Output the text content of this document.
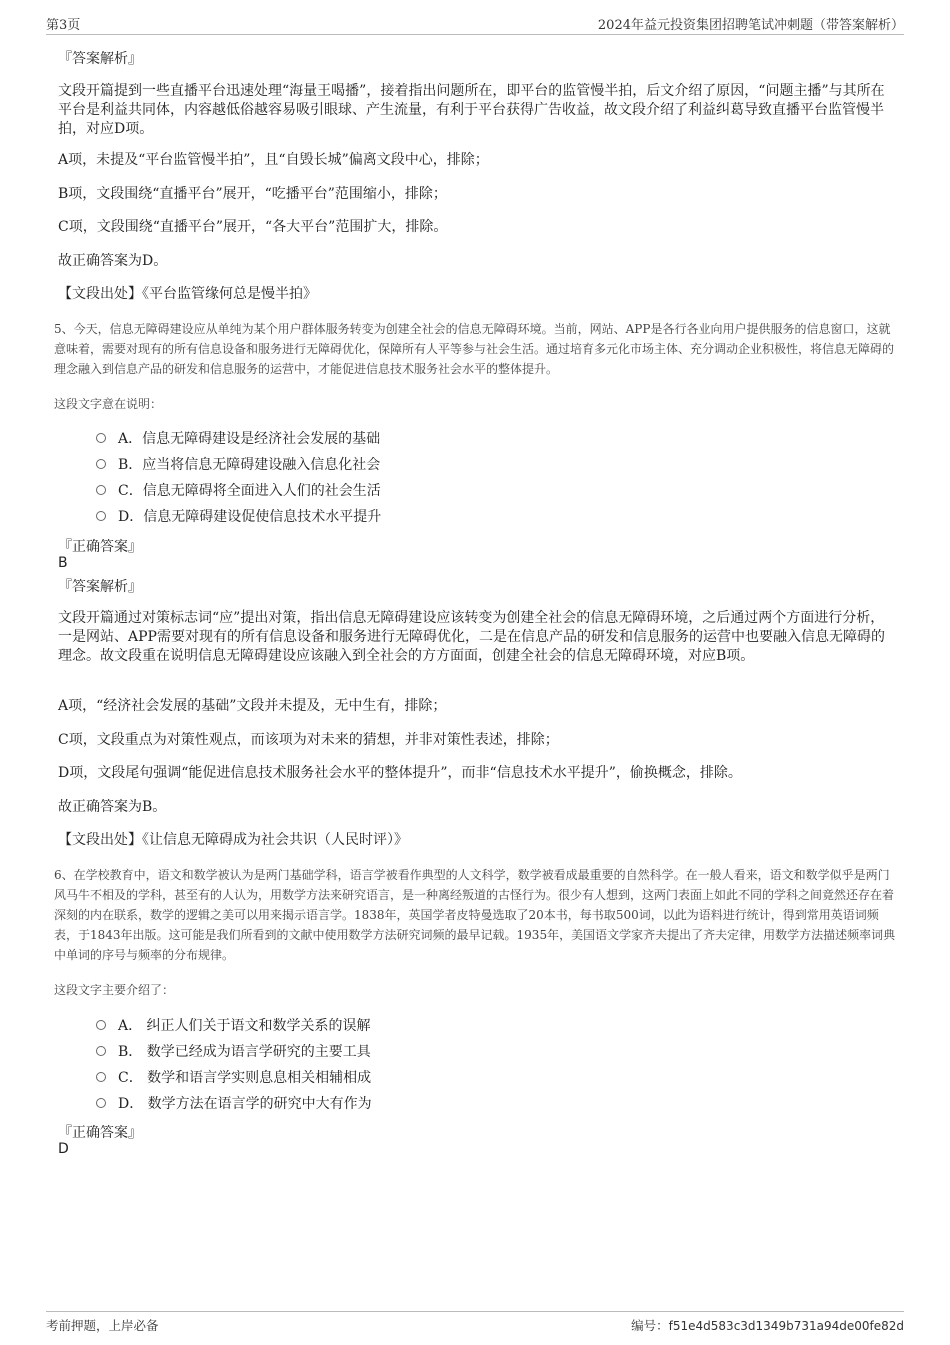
第3页	2024年益元投资集团招聘笔试冲刺题（带答案解析）
『答案解析』
文段开篇提到一些直播平台迅速处理“海量王喝播”，接着指出问题所在，即平台的监管慢半拍，后文介绍了原因，“问题主播”与其所在平台是利益共同体，内容越低俗越容易吸引眼球、产生流量，有利于平台获得广告收益，故文段介绍了利益纠葛导致直播平台监管慢半拍，对应D项。
A项，未提及“平台监管慢半拍”，且“自毁长城”偏离文段中心，排除；
B项，文段围绕“直播平台”展开，“吃播平台”范围缩小，排除；
C项，文段围绕“直播平台”展开，“各大平台”范围扩大，排除。
故正确答案为D。
【文段出处】《平台监管缘何总是慢半拍》
5、今天，信息无障碍建设应从单纯为某个用户群体服务转变为创建全社会的信息无障碍环境。当前，网站、APP是各行各业向用户提供服务的信息窗口，这就意味着，需要对现有的所有信息设备和服务进行无障碍优化，保障所有人平等参与社会生活。通过培育多元化市场主体、充分调动企业积极性，将信息无障碍的理念融入到信息产品的研发和信息服务的运营中，才能促进信息技术服务社会水平的整体提升。
这段文字意在说明：
A．信息无障碍建设是经济社会发展的基础
B．应当将信息无障碍建设融入信息化社会
C．信息无障碍将全面进入人们的社会生活
D．信息无障碍建设促使信息技术水平提升
『正确答案』
B
『答案解析』
文段开篇通过对策标志词“应”提出对策，指出信息无障碍建设应该转变为创建全社会的信息无障碍环境，之后通过两个方面进行分析，一是网站、APP需要对现有的所有信息设备和服务进行无障碍优化，二是在信息产品的研发和信息服务的运营中也要融入信息无障碍的理念。故文段重在说明信息无障碍建设应该融入到全社会的方方面面，创建全社会的信息无障碍环境，对应B项。
A项，“经济社会发展的基础”文段并未提及，无中生有，排除；
C项，文段重点为对策性观点，而该项为对未来的猜想，并非对策性表述，排除；
D项，文段尾句强调“能促进信息技术服务社会水平的整体提升”，而非“信息技术水平提升”，偷换概念，排除。
故正确答案为B。
【文段出处】《让信息无障碍成为社会共识（人民时评）》
6、在学校教育中，语文和数学被认为是两门基础学科，语言学被看作典型的人文科学，数学被看成最重要的自然科学。在一般人看来，语文和数学似乎是两门风马牛不相及的学科，甚至有的人认为，用数学方法来研究语言，是一种离经叛道的古怪行为。很少有人想到，这两门表面上如此不同的学科之间竟然还存在着深刻的内在联系，数学的逻辑之美可以用来揭示语言学。1838年，英国学者皮特曼选取了20本书，每书取500词，以此为语料进行统计，得到常用英语词频表，于1843年出版。这可能是我们所看到的文献中使用数学方法研究词频的最早记载。1935年，美国语文学家齐夫提出了齐夫定律，用数学方法描述频率词典中单词的序号与频率的分布规律。
这段文字主要介绍了：
A． 纠正人们关于语文和数学关系的误解
B． 数学已经成为语言学研究的主要工具
C． 数学和语言学实则息息相关相辅相成
D． 数学方法在语言学的研究中大有作为
『正确答案』
D
考前押题，上岸必备	编号：f51e4d583c3d1349b731a94de00fe82d
